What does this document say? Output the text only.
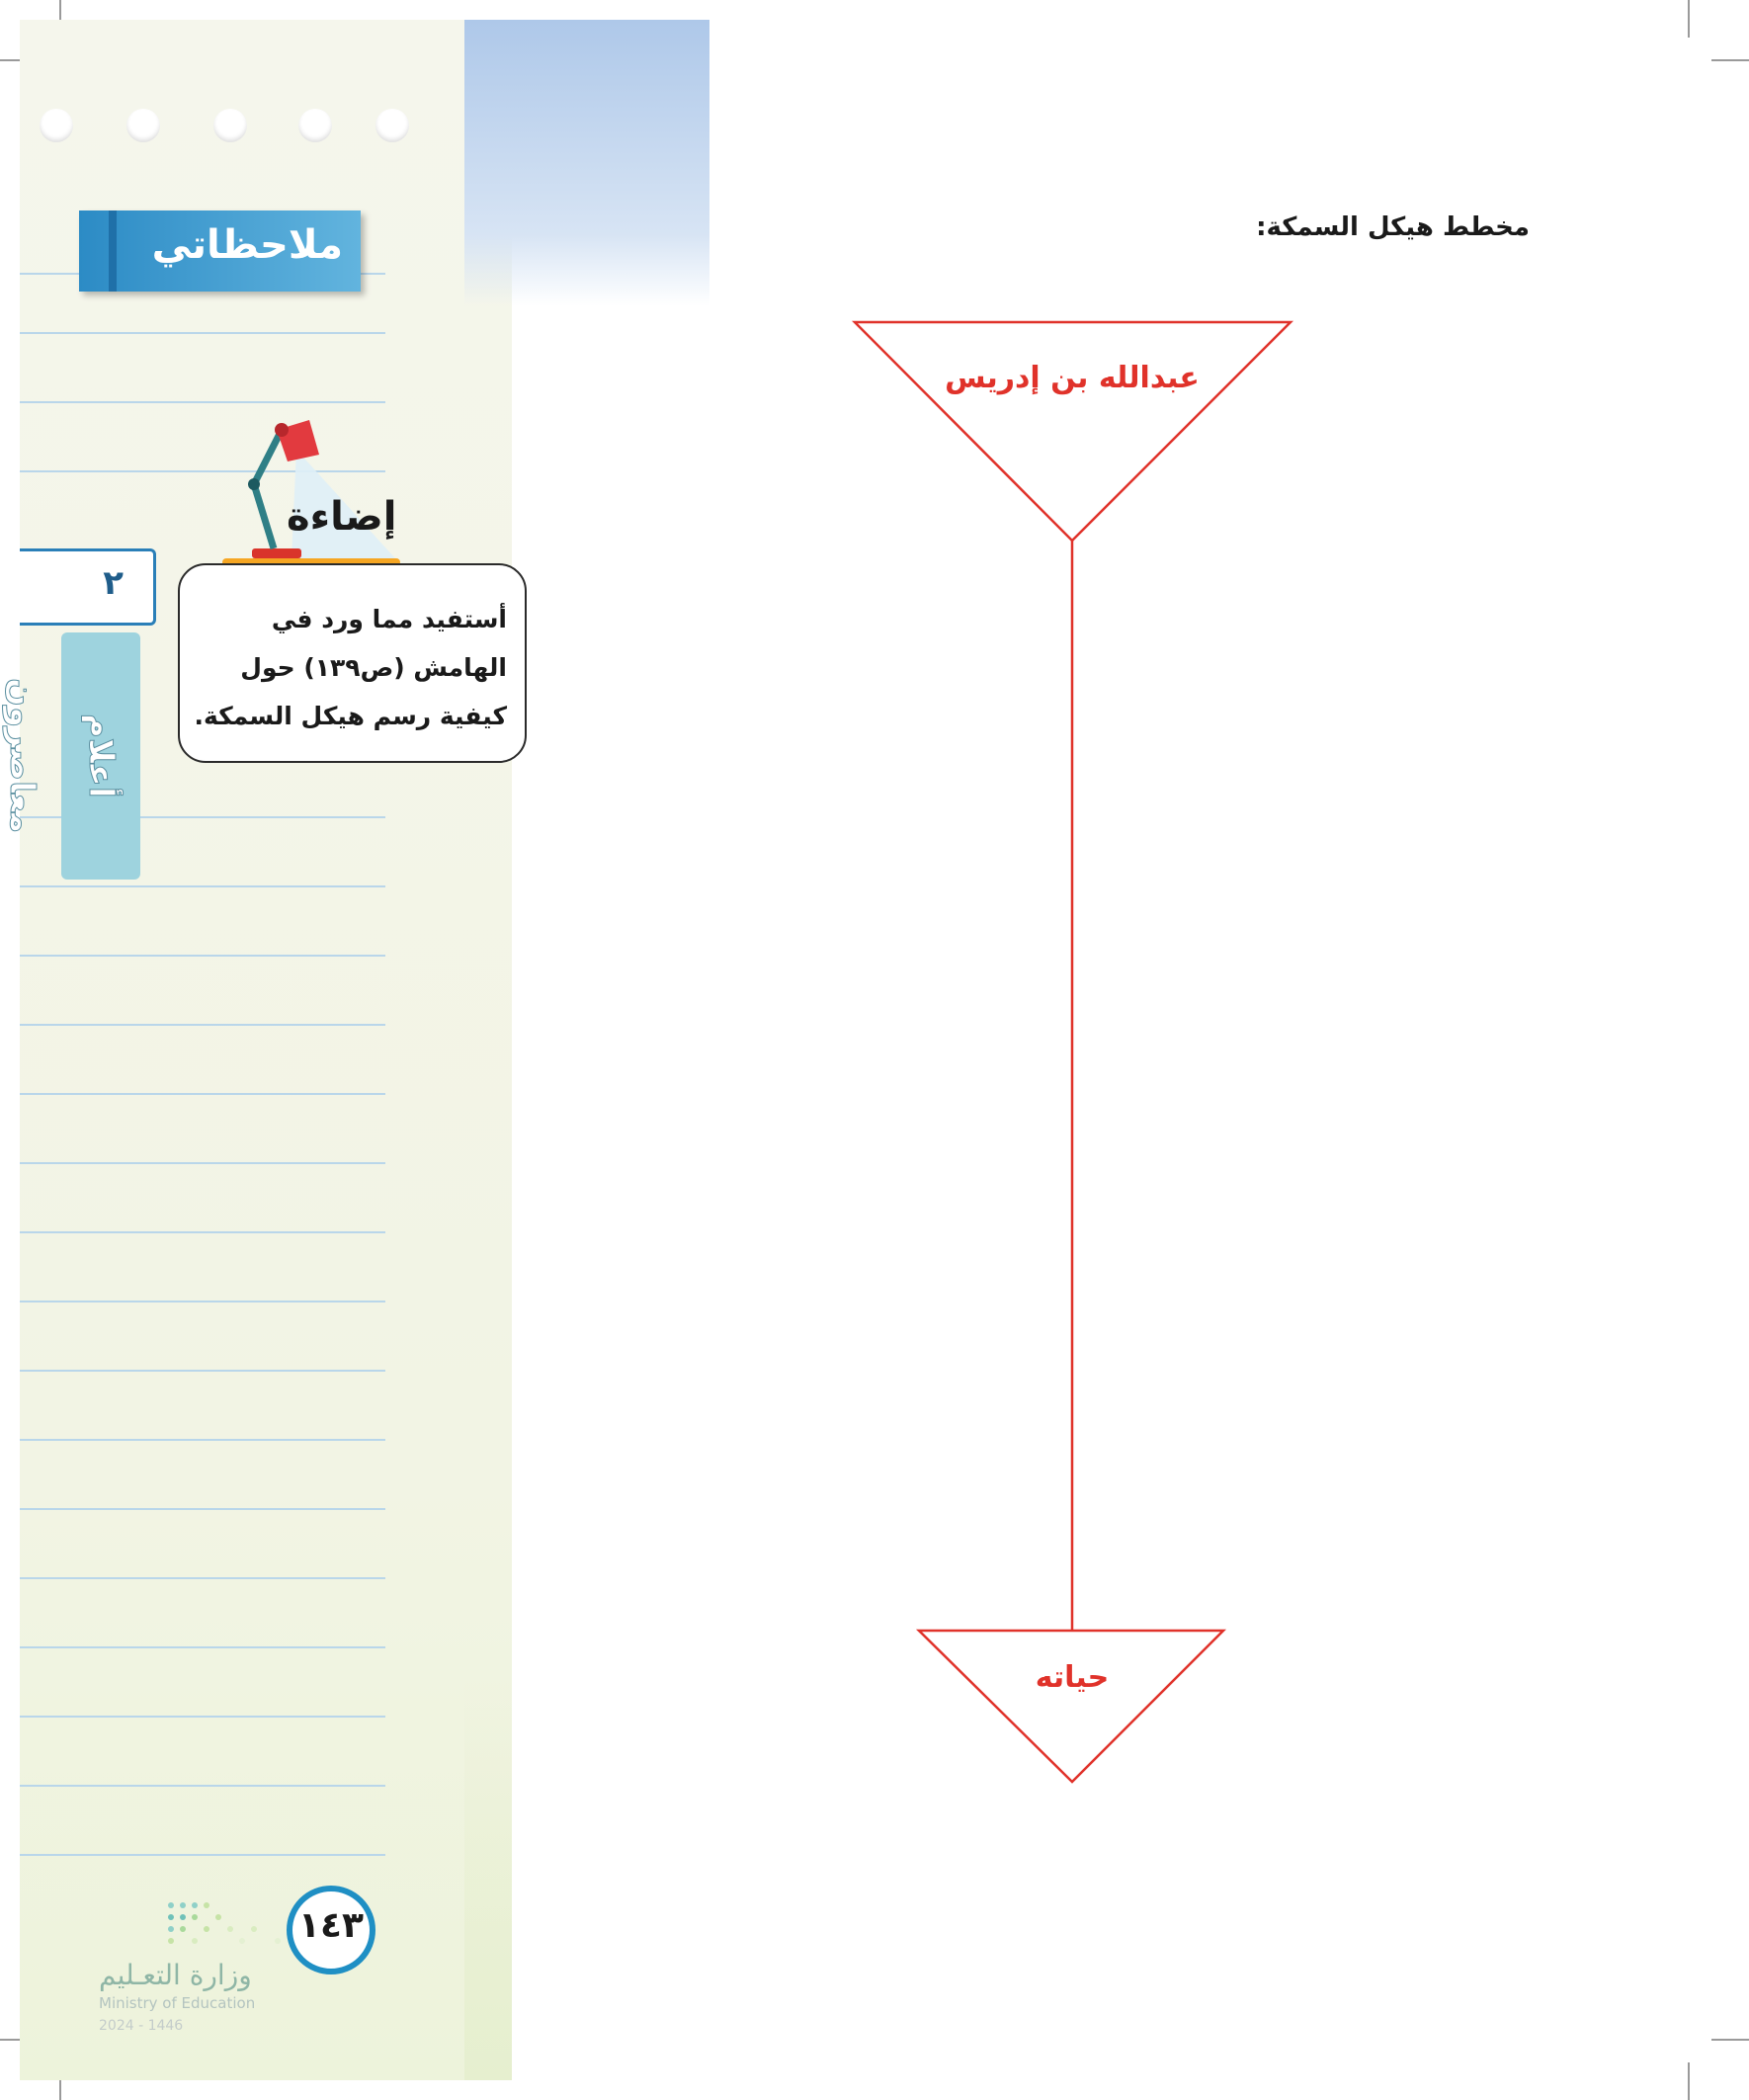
ملاحظاتي
٢
أعلام معاصرون
إضاءة
أستفيد مما ورد في الهامش (ص١٣٩) حول كيفية رسم هيكل السمكة.
١٤٣
وزارة التعـليم
Ministry of Education
2024 - 1446
مخطط هيكل السمكة:
عبدالله بن إدريس
حياته
